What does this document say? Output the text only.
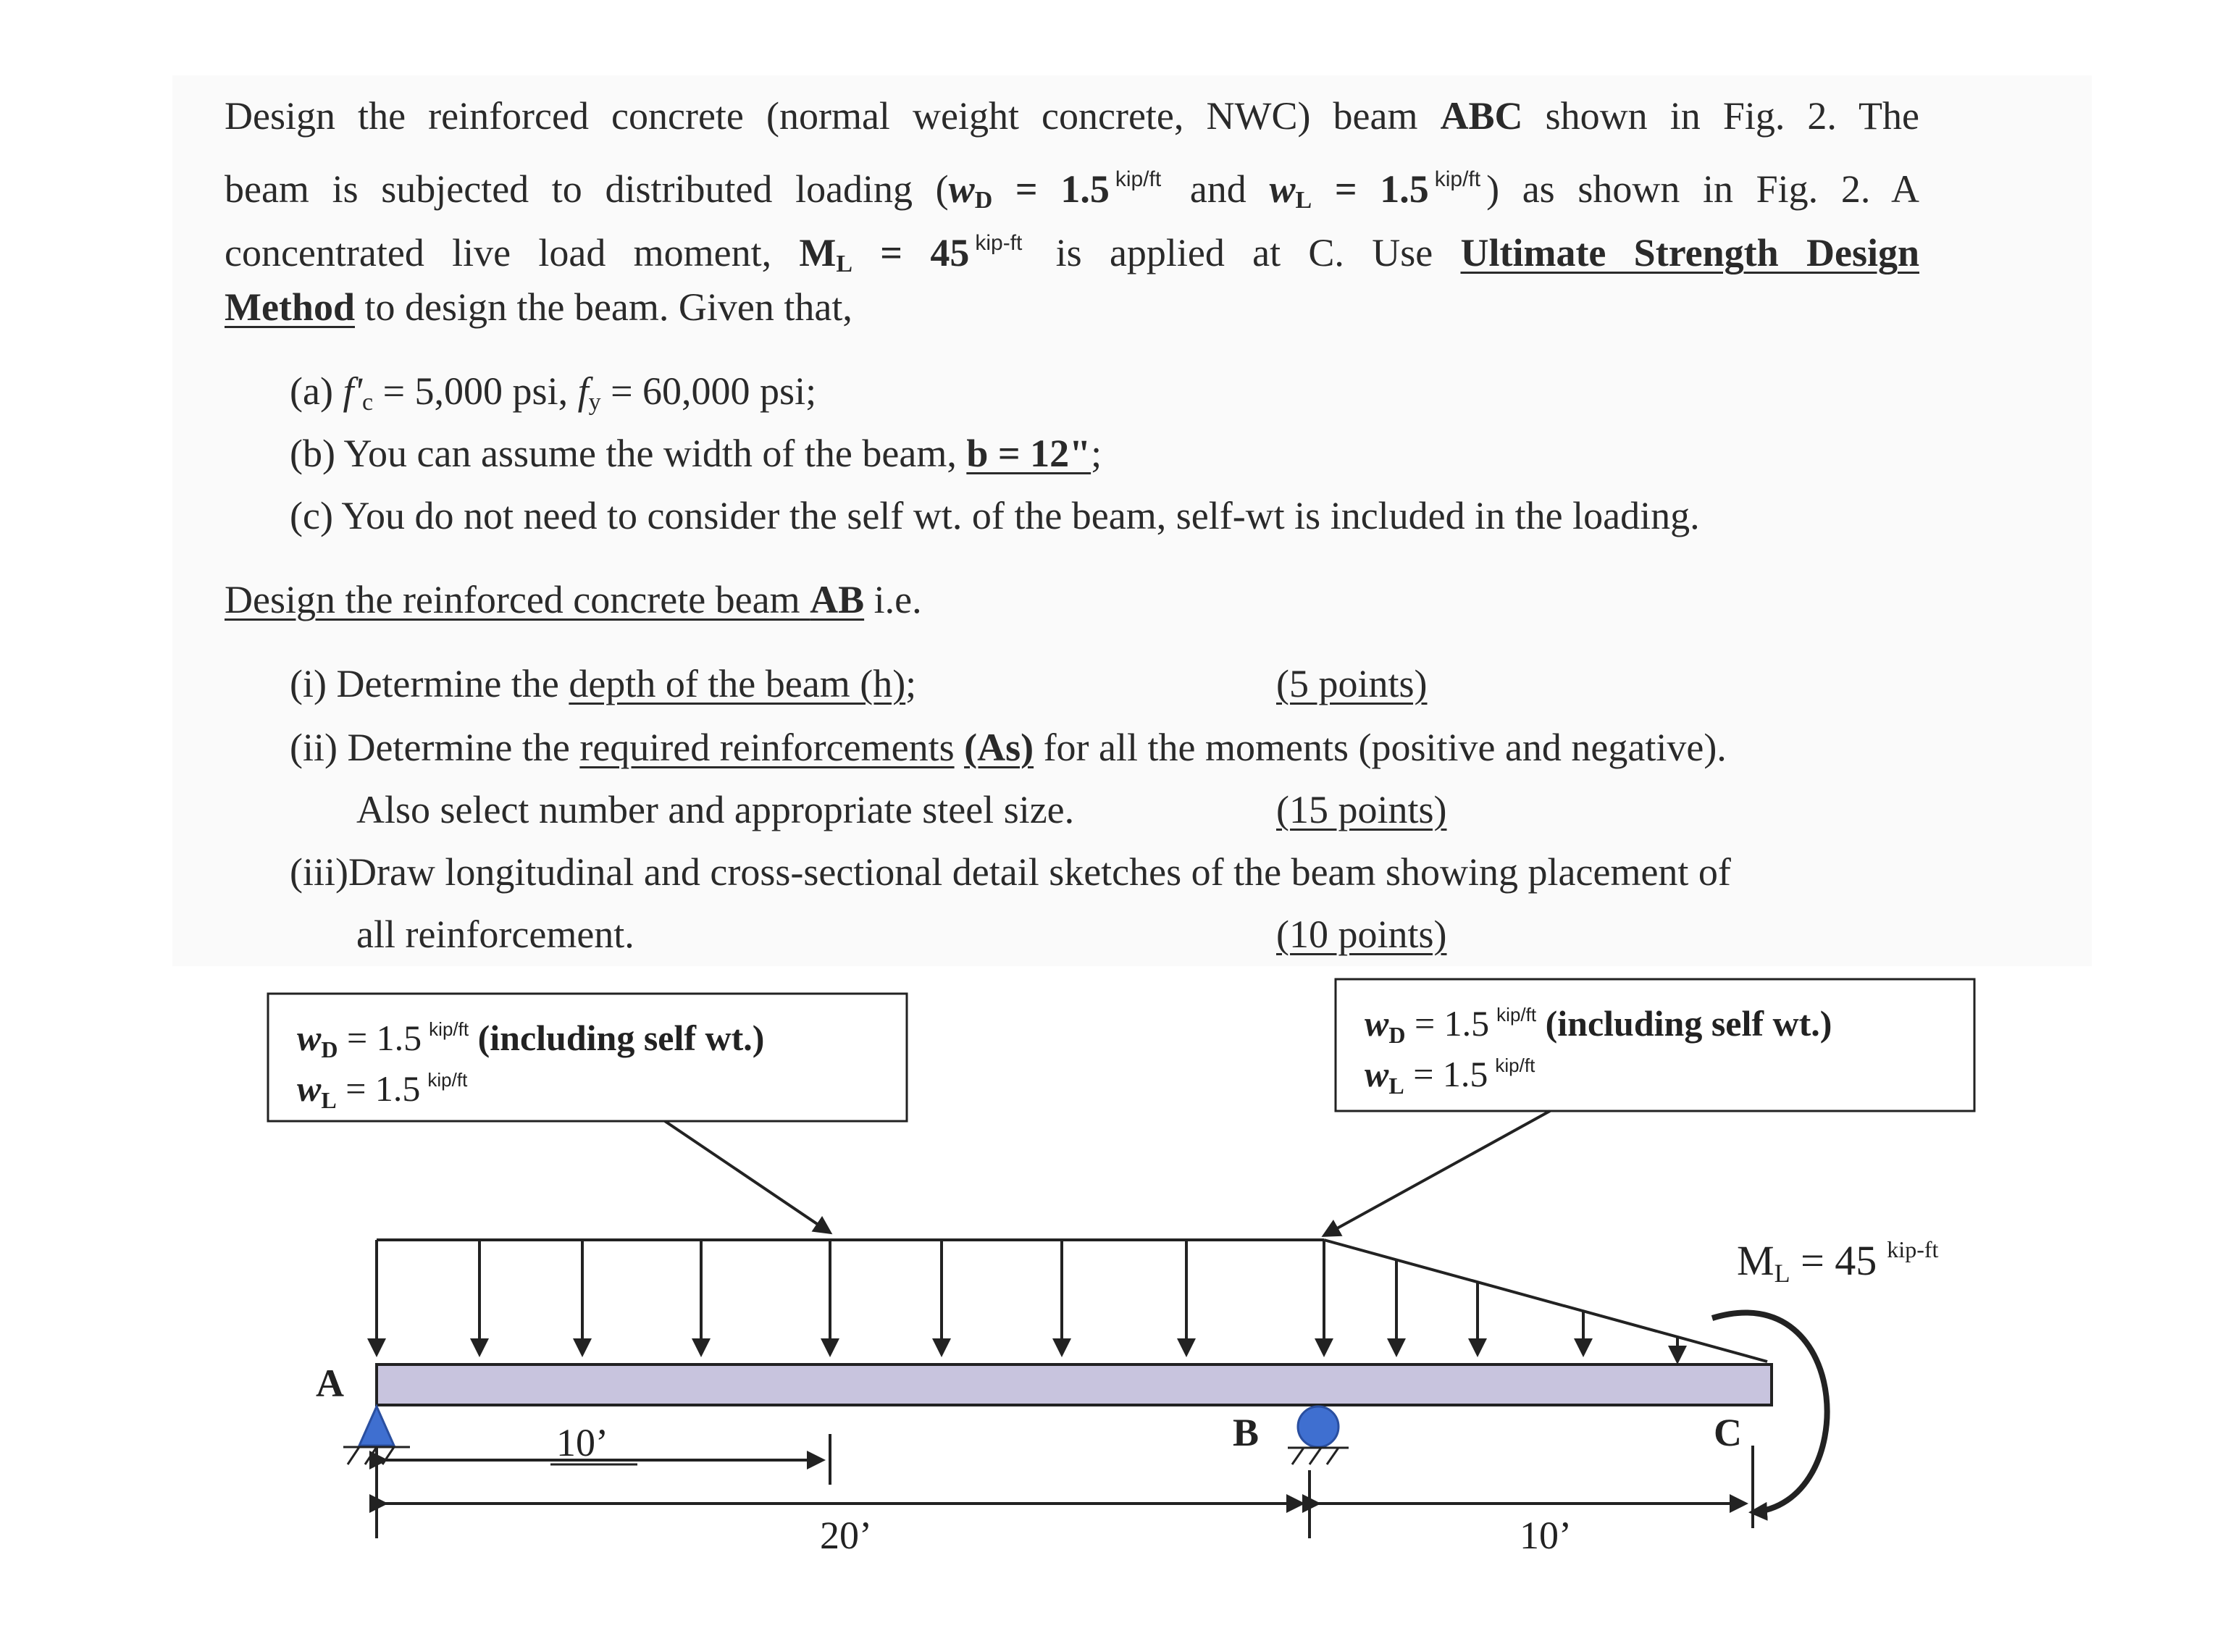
Design the reinforced concrete (normal weight concrete, NWC) beam ABC shown in Fig. 2. The
beam is subjected to distributed loading ($w_D = 1.5$ $^{kip/ft}$ and $w_L = 1.5$ $^{kip/ft}$ ) as shown in Fig. 2. A
concentrated live load moment, $M_L = 45$ $^{kip-ft}$ is applied at C. Use Ultimate Strength Design
Method to design the beam. Given that,
(a) $f'_c = 5,000$ psi, $f_y = 60,000$ psi;
(b) You can assume the width of the beam, b = 12";
(c) You do not need to consider the self wt. of the beam, self-wt is included in the loading.
Design the reinforced concrete beam AB i.e.
(i) Determine the depth of the beam (h);	(5 points)
(ii) Determine the required reinforcements (As) for all the moments (positive and negative).
Also select number and appropriate steel size.	(15 points)
(iii)Draw longitudinal and cross-sectional detail sketches of the beam showing placement of
all reinforcement.	(10 points)
$w_D = 1.5$ $^{kip/ft}$ (including self wt.)
$w_L = 1.5$ $^{kip/ft}$
$w_D = 1.5$ $^{kip/ft}$ (including self wt.)
$w_L = 1.5$ $^{kip/ft}$
ML = 45 $^{kip-ft}$
A
B	C
10’
20’	10’
